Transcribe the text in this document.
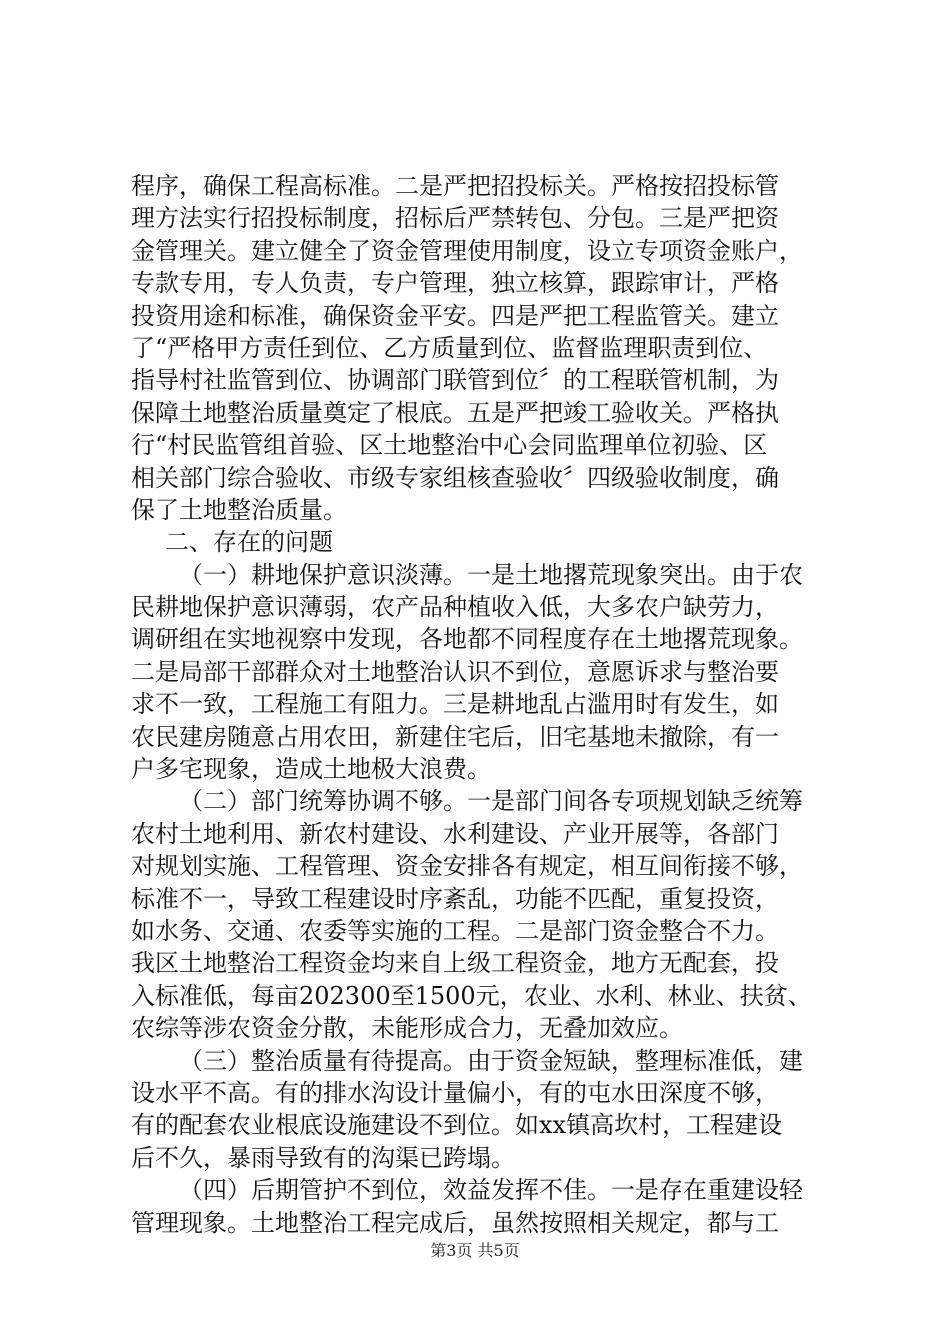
程序，确保工程高标准。二是严把招投标关。严格按招投标管
理方法实行招投标制度，招标后严禁转包、分包。三是严把资
金管理关。建立健全了资金管理使用制度，设立专项资金账户，
专款专用，专人负责，专户管理，独立核算，跟踪审计，严格
投资用途和标准，确保资金平安。四是严把工程监管关。建立
了“严格甲方责任到位、乙方质量到位、监督监理职责到位、
指导村社监管到位、协调部门联管到位〞的工程联管机制，为
保障土地整治质量奠定了根底。五是严把竣工验收关。严格执
行“村民监管组首验、区土地整治中心会同监理单位初验、区
相关部门综合验收、市级专家组核查验收〞四级验收制度，确
保了土地整治质量。
二、存在的问题
（一）耕地保护意识淡薄。一是土地撂荒现象突出。由于农
民耕地保护意识薄弱，农产品种植收入低，大多农户缺劳力，
调研组在实地视察中发现，各地都不同程度存在土地撂荒现象。
二是局部干部群众对土地整治认识不到位，意愿诉求与整治要
求不一致，工程施工有阻力。三是耕地乱占滥用时有发生，如
农民建房随意占用农田，新建住宅后，旧宅基地未撤除，有一
户多宅现象，造成土地极大浪费。
（二）部门统筹协调不够。一是部门间各专项规划缺乏统筹
农村土地利用、新农村建设、水利建设、产业开展等，各部门
对规划实施、工程管理、资金安排各有规定，相互间衔接不够，
标准不一，导致工程建设时序紊乱，功能不匹配，重复投资，
如水务、交通、农委等实施的工程。二是部门资金整合不力。
我区土地整治工程资金均来自上级工程资金，地方无配套，投
入标准低，每亩202300至1500元，农业、水利、林业、扶贫、
农综等涉农资金分散，未能形成合力，无叠加效应。
（三）整治质量有待提高。由于资金短缺，整理标准低，建
设水平不高。有的排水沟设计量偏小，有的屯水田深度不够，
有的配套农业根底设施建设不到位。如xx镇高坎村，工程建设
后不久，暴雨导致有的沟渠已跨塌。
（四）后期管护不到位，效益发挥不佳。一是存在重建设轻
管理现象。土地整治工程完成后，虽然按照相关规定，都与工
第3页 共5页
